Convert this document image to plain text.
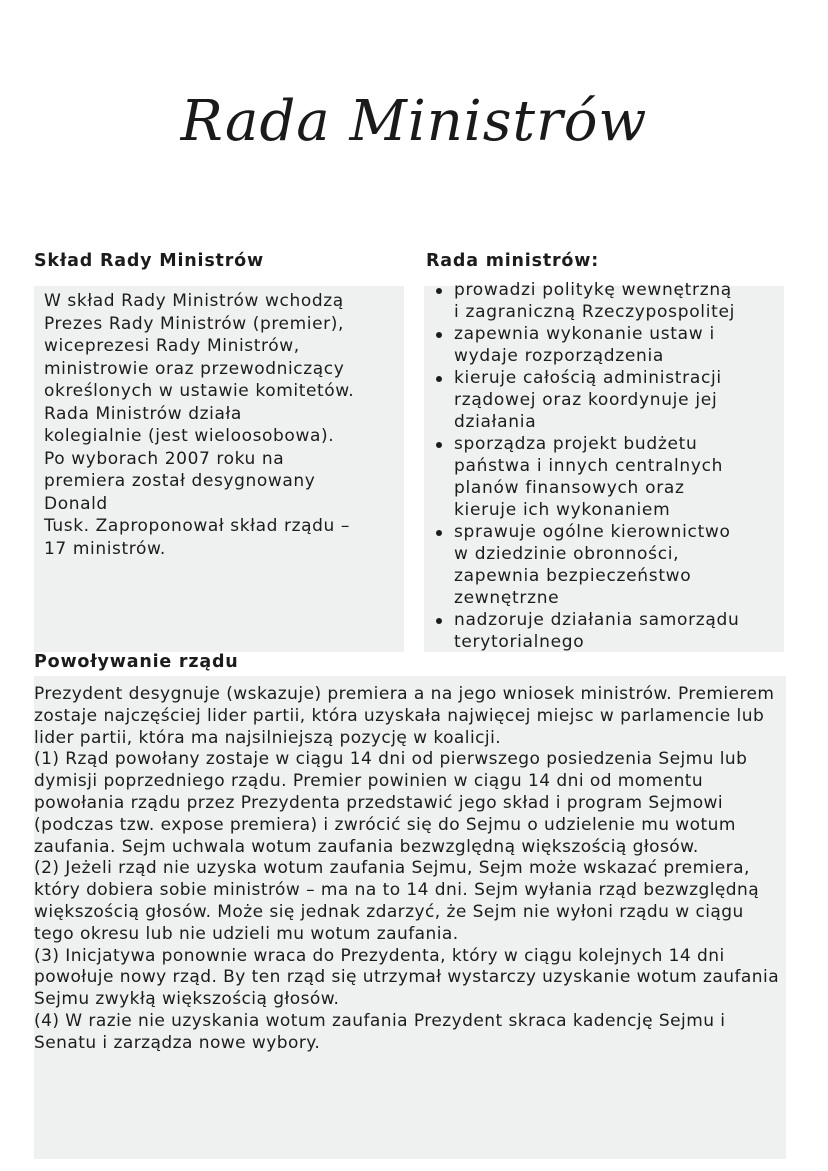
Rada Ministrów
Skład Rady Ministrów	Rada ministrów:
Powoływanie rządu

W skład Rady Ministrów wchodzą
Prezes Rady Ministrów (premier),
wiceprezesi Rady Ministrów,
ministrowie oraz przewodniczący
określonych w ustawie komitetów.
Rada Ministrów działa
kolegialnie (jest wieloosobowa).
Po wyborach 2007 roku na
premiera został desygnowany
Donald
Tusk. Zaproponował skład rządu –
17 ministrów.

prowadzi politykę wewnętrzną
i zagraniczną Rzeczypospolitej
zapewnia wykonanie ustaw i
wydaje rozporządzenia
kieruje całością administracji
rządowej oraz koordynuje jej
działania
sporządza projekt budżetu
państwa i innych centralnych
planów finansowych oraz
kieruje ich wykonaniem
sprawuje ogólne kierownictwo
w dziedzinie obronności,
zapewnia bezpieczeństwo
zewnętrzne
nadzoruje działania samorządu
terytorialnego

Prezydent desygnuje (wskazuje) premiera a na jego wniosek ministrów. Premierem zostaje najczęściej lider partii, która uzyskała najwięcej miejsc w parlamencie lub lider partii, która ma najsilniejszą pozycję w koalicji.

(1) Rząd powołany zostaje w ciągu 14 dni od pierwszego posiedzenia Sejmu lub dymisji poprzedniego rządu. Premier powinien w ciągu 14 dni od momentu powołania rządu przez Prezydenta przedstawić jego skład i program Sejmowi (podczas tzw. expose premiera) i zwrócić się do Sejmu o udzielenie mu wotum zaufania. Sejm uchwala wotum zaufania bezwzględną większością głosów.

(2) Jeżeli rząd nie uzyska wotum zaufania Sejmu, Sejm może wskazać premiera, który dobiera sobie ministrów – ma na to 14 dni. Sejm wyłania rząd bezwzględną większością głosów. Może się jednak zdarzyć, że Sejm nie wyłoni rządu w ciągu tego okresu lub nie udzieli mu wotum zaufania.

(3) Inicjatywa ponownie wraca do Prezydenta, który w ciągu kolejnych 14 dni powołuje nowy rząd. By ten rząd się utrzymał wystarczy uzyskanie wotum zaufania Sejmu zwykłą większością głosów.

(4) W razie nie uzyskania wotum zaufania Prezydent skraca kadencję Sejmu i Senatu i zarządza nowe wybory.
